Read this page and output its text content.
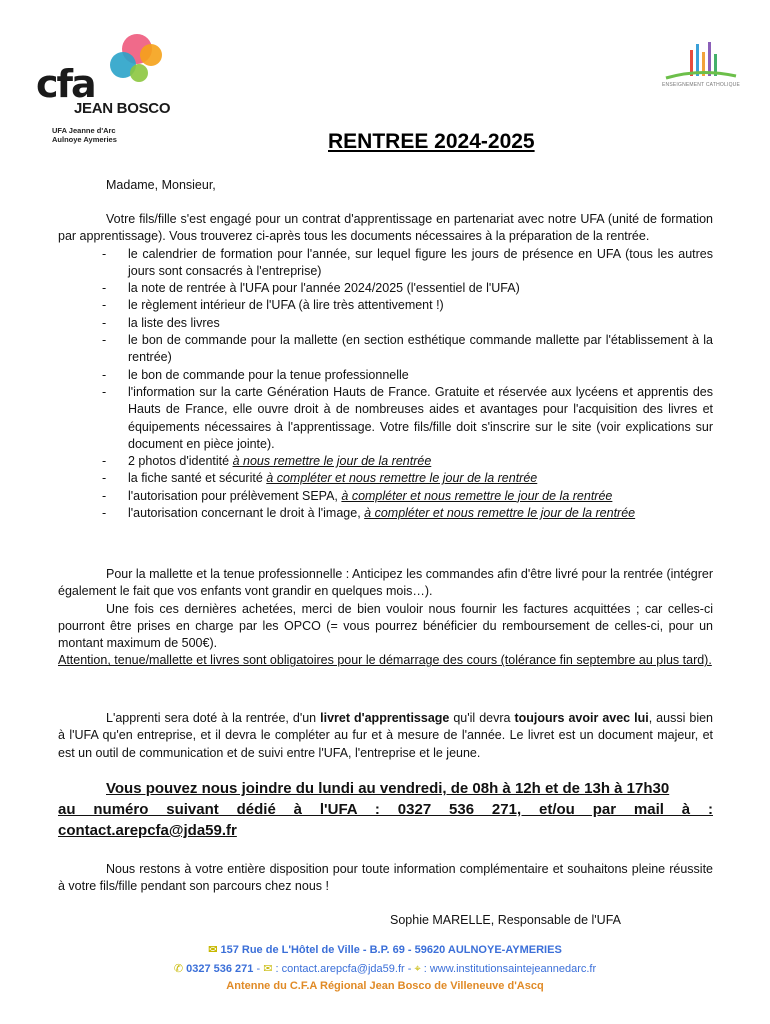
cfa
JEAN BOSCO
UFA Jeanne d'Arc
Aulnoye Aymeries
ENSEIGNEMENT CATHOLIQUE
RENTREE 2024-2025
Madame, Monsieur,
Votre fils/fille s'est engagé pour un contrat d'apprentissage en partenariat avec notre UFA (unité de formation par apprentissage). Vous trouverez ci-après tous les documents nécessaires à la préparation de la rentrée.
- le calendrier de formation pour l'année, sur lequel figure les jours de présence en UFA (tous les autres jours sont consacrés à l'entreprise)
- la note de rentrée à l'UFA pour l'année 2024/2025 (l'essentiel de l'UFA)
- le règlement intérieur de l'UFA (à lire très attentivement !)
- la liste des livres
- le bon de commande pour la mallette (en section esthétique commande mallette par l'établissement à la rentrée)
- le bon de commande pour la tenue professionnelle
- l'information sur la carte Génération Hauts de France. Gratuite et réservée aux lycéens et apprentis des Hauts de France, elle ouvre droit à de nombreuses aides et avantages pour l'acquisition des livres et équipements nécessaires à l'apprentissage. Votre fils/fille doit s'inscrire sur le site (voir explications sur document en pièce jointe).
- 2 photos d'identité à nous remettre le jour de la rentrée
- la fiche santé et sécurité à compléter et nous remettre le jour de la rentrée
- l'autorisation pour prélèvement SEPA, à compléter et nous remettre le jour de la rentrée
- l'autorisation concernant le droit à l'image, à compléter et nous remettre le jour de la rentrée
Pour la mallette et la tenue professionnelle : Anticipez les commandes afin d'être livré pour la rentrée (intégrer également le fait que vos enfants vont grandir en quelques mois…).
Une fois ces dernières achetées, merci de bien vouloir nous fournir les factures acquittées ; car celles-ci pourront être prises en charge par les OPCO (= vous pourrez bénéficier du remboursement de celles-ci, pour un montant maximum de 500€).
Attention, tenue/mallette et livres sont obligatoires pour le démarrage des cours (tolérance fin septembre au plus tard).
L'apprenti sera doté à la rentrée, d'un livret d'apprentissage qu'il devra toujours avoir avec lui, aussi bien à l'UFA qu'en entreprise, et il devra le compléter au fur et à mesure de l'année. Le livret est un document majeur, et est un outil de communication et de suivi entre l'UFA, l'entreprise et le jeune.
Vous pouvez nous joindre du lundi au vendredi, de 08h à 12h et de 13h à 17h30
au numéro suivant dédié à l'UFA : 0327 536 271, et/ou par mail à :
contact.arepcfa@jda59.fr
Nous restons à votre entière disposition pour toute information complémentaire et souhaitons pleine réussite à votre fils/fille pendant son parcours chez nous !
Sophie MARELLE, Responsable de l'UFA
✉ 157 Rue de L'Hôtel de Ville - B.P. 69 - 59620 AULNOYE-AYMERIES
✆ 0327 536 271 - ✉ : contact.arepcfa@jda59.fr - ⌖ : www.institutionsaintejeannedarc.fr
Antenne du C.F.A Régional Jean Bosco de Villeneuve d'Ascq
